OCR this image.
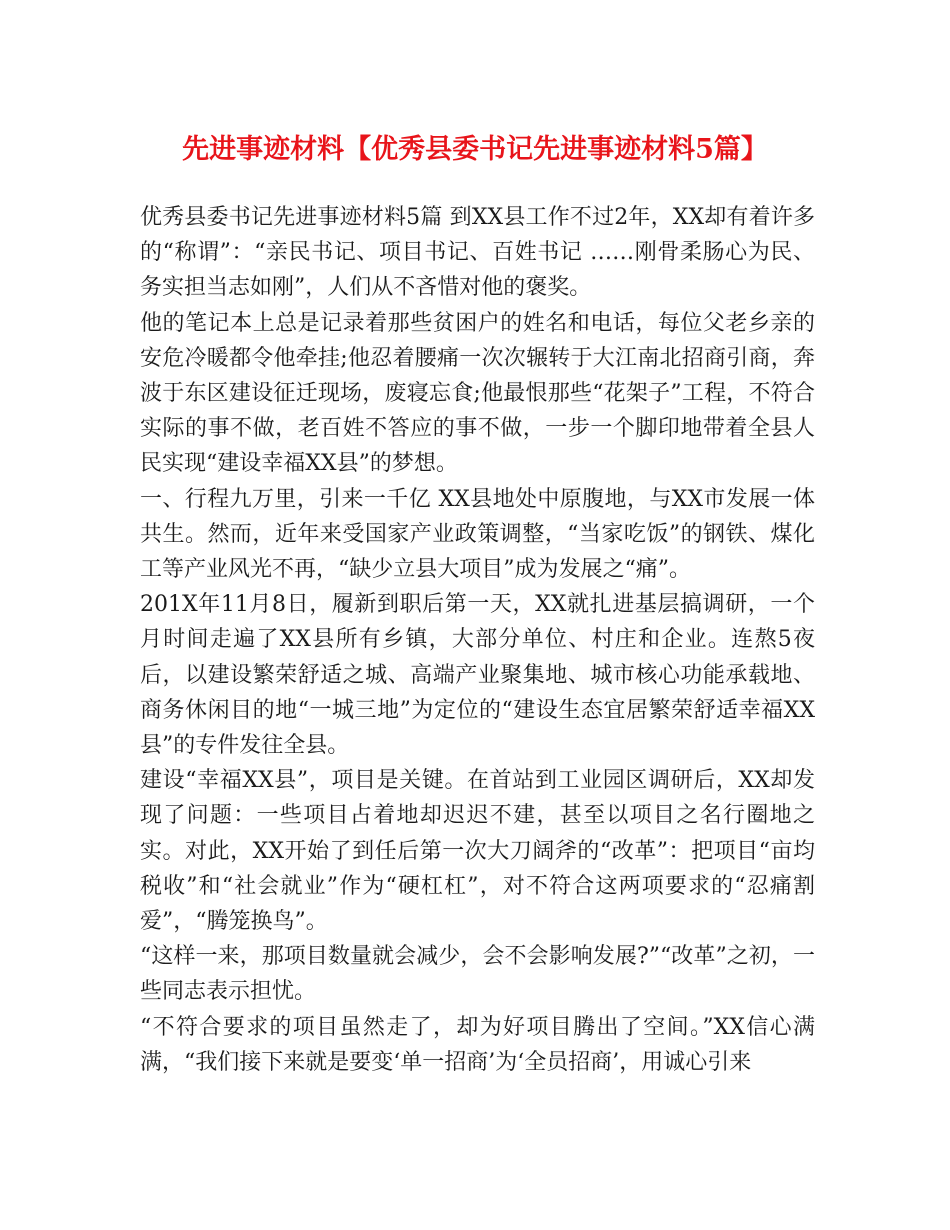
先进事迹材料【优秀县委书记先进事迹材料5篇】

优秀县委书记先进事迹材料5篇 到XX县工作不过2年，XX却有着许多的“称谓”：“亲民书记、项目书记、百姓书记 ……刚骨柔肠心为民、务实担当志如刚”，人们从不吝惜对他的褒奖。

他的笔记本上总是记录着那些贫困户的姓名和电话，每位父老乡亲的安危冷暖都令他牵挂;他忍着腰痛一次次辗转于大江南北招商引商，奔波于东区建设征迁现场，废寝忘食;他最恨那些“花架子”工程，不符合实际的事不做，老百姓不答应的事不做，一步一个脚印地带着全县人民实现“建设幸福XX县”的梦想。

一、行程九万里，引来一千亿 XX县地处中原腹地，与XX市发展一体共生。然而，近年来受国家产业政策调整，“当家吃饭”的钢铁、煤化工等产业风光不再，“缺少立县大项目”成为发展之“痛”。

201X年11月8日，履新到职后第一天，XX就扎进基层搞调研，一个月时间走遍了XX县所有乡镇，大部分单位、村庄和企业。连熬5夜后，以建设繁荣舒适之城、高端产业聚集地、城市核心功能承载地、商务休闲目的地“一城三地”为定位的“建设生态宜居繁荣舒适幸福XX县”的专件发往全县。

建设“幸福XX县”，项目是关键。在首站到工业园区调研后，XX却发现了问题：一些项目占着地却迟迟不建，甚至以项目之名行圈地之实。对此，XX开始了到任后第一次大刀阔斧的“改革”：把项目“亩均税收”和“社会就业”作为“硬杠杠”，对不符合这两项要求的“忍痛割爱”，“腾笼换鸟”。

“这样一来，那项目数量就会减少，会不会影响发展?”“改革”之初，一些同志表示担忧。

“不符合要求的项目虽然走了，却为好项目腾出了空间。”XX信心满满，“我们接下来就是要变‘单一招商’为‘全员招商’，用诚心引来
